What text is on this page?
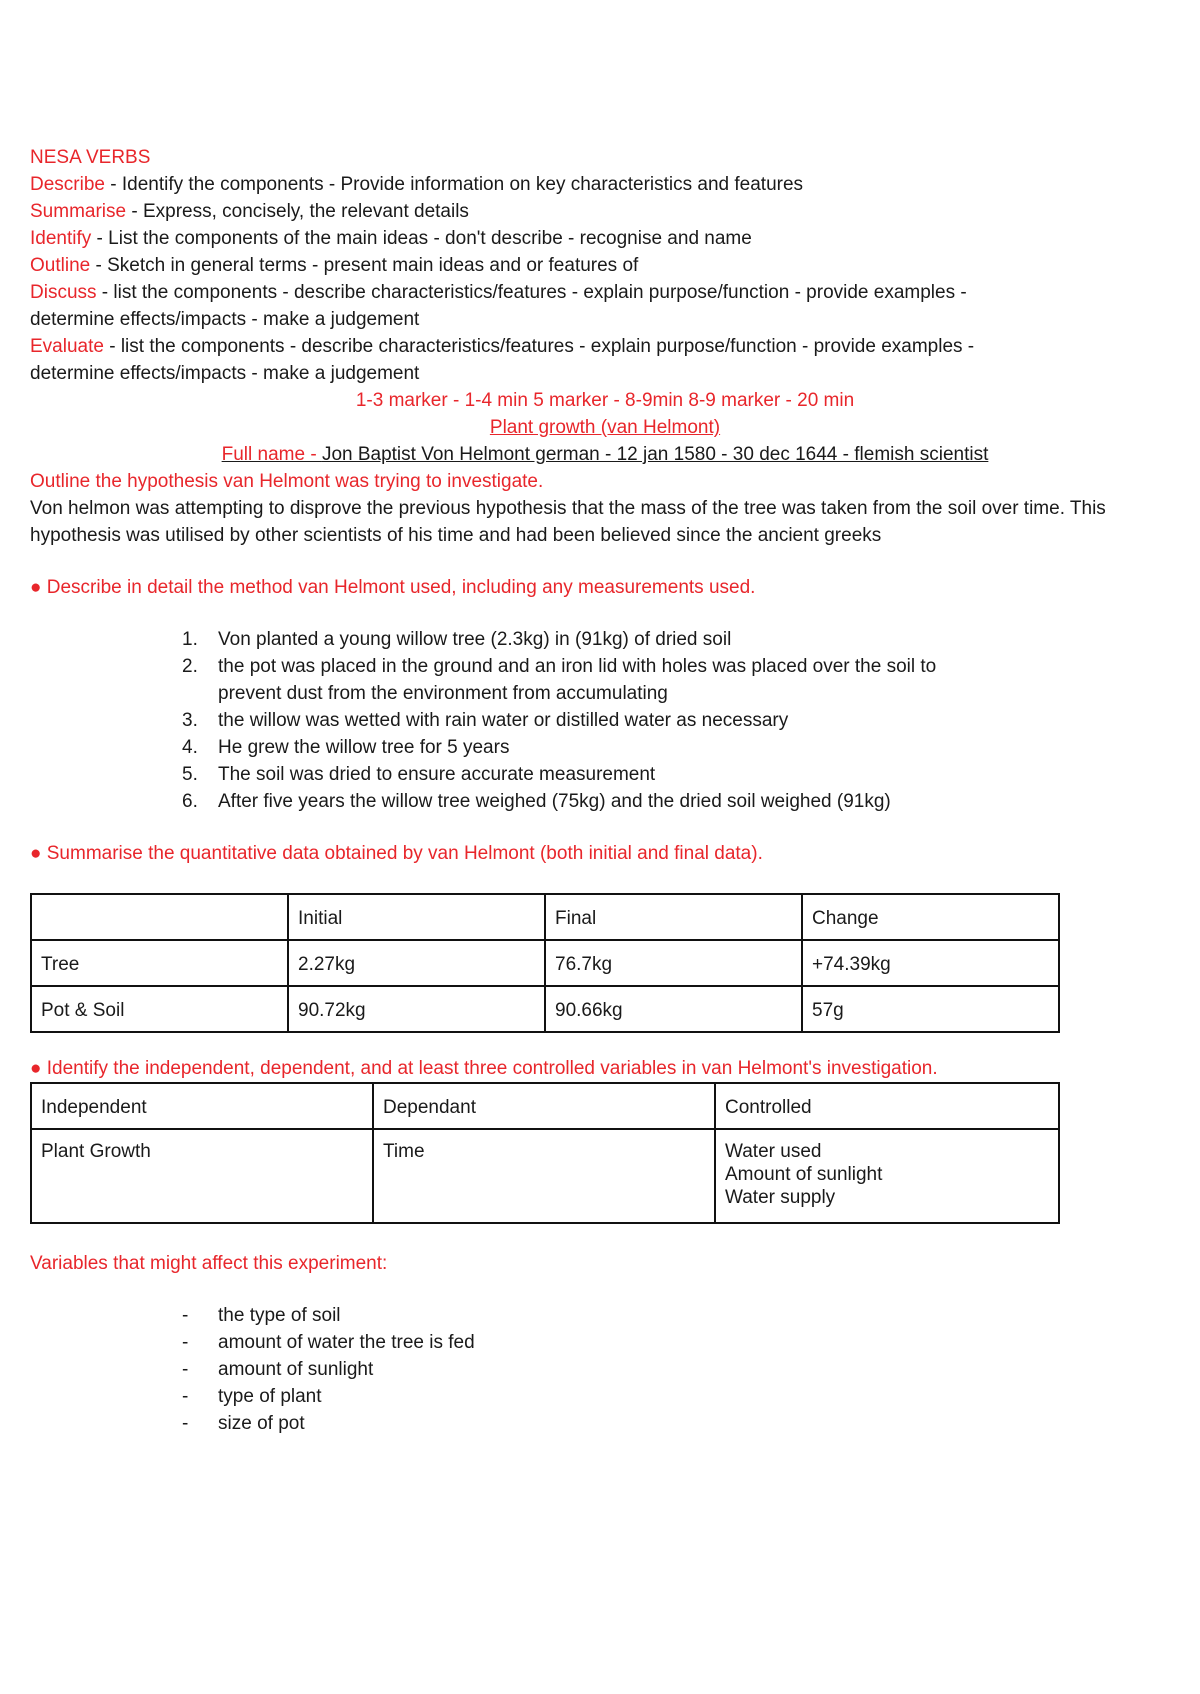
NESA VERBS

Describe - Identify the components - Provide information on key characteristics and features

Summarise - Express, concisely, the relevant details

Identify - List the components of the main ideas - don't describe - recognise and name

Outline - Sketch in general terms - present main ideas and or features of

Discuss - list the components - describe characteristics/features - explain purpose/function - provide examples -

determine effects/impacts - make a judgement

Evaluate - list the components - describe characteristics/features - explain purpose/function - provide examples -

determine effects/impacts - make a judgement

1-3 marker - 1-4 min 5 marker - 8-9min 8-9 marker - 20 min

Plant growth (van Helmont)

Full name - Jon Baptist Von Helmont german - 12 jan 1580 - 30 dec 1644 - flemish scientist

Outline the hypothesis van Helmont was trying to investigate.

Von helmon was attempting to disprove the previous hypothesis that the mass of the tree was taken from the soil over time. This

hypothesis was utilised by other scientists of his time and had been believed since the ancient greeks

● Describe in detail the method van Helmont used, including any measurements used.

1.	Von planted a young willow tree (2.3kg) in (91kg) of dried soil
2.	the pot was placed in the ground and an iron lid with holes was placed over the soil to
prevent dust from the environment from accumulating
3.	the willow was wetted with rain water or distilled water as necessary
4.	He grew the willow tree for 5 years
5.	The soil was dried to ensure accurate measurement
6.	After five years the willow tree weighed (75kg) and the dried soil weighed (91kg)

● Summarise the quantitative data obtained by van Helmont (both initial and final data).

	Initial	Final	Change
Tree	2.27kg	76.7kg	+74.39kg
Pot & Soil	90.72kg	90.66kg	57g

● Identify the independent, dependent, and at least three controlled variables in van Helmont's investigation.

Independent	Dependant	Controlled
Plant Growth	Time	Water used
Amount of sunlight
Water supply

Variables that might affect this experiment:

- the type of soil
- amount of water the tree is fed
- amount of sunlight
- type of plant
- size of pot
